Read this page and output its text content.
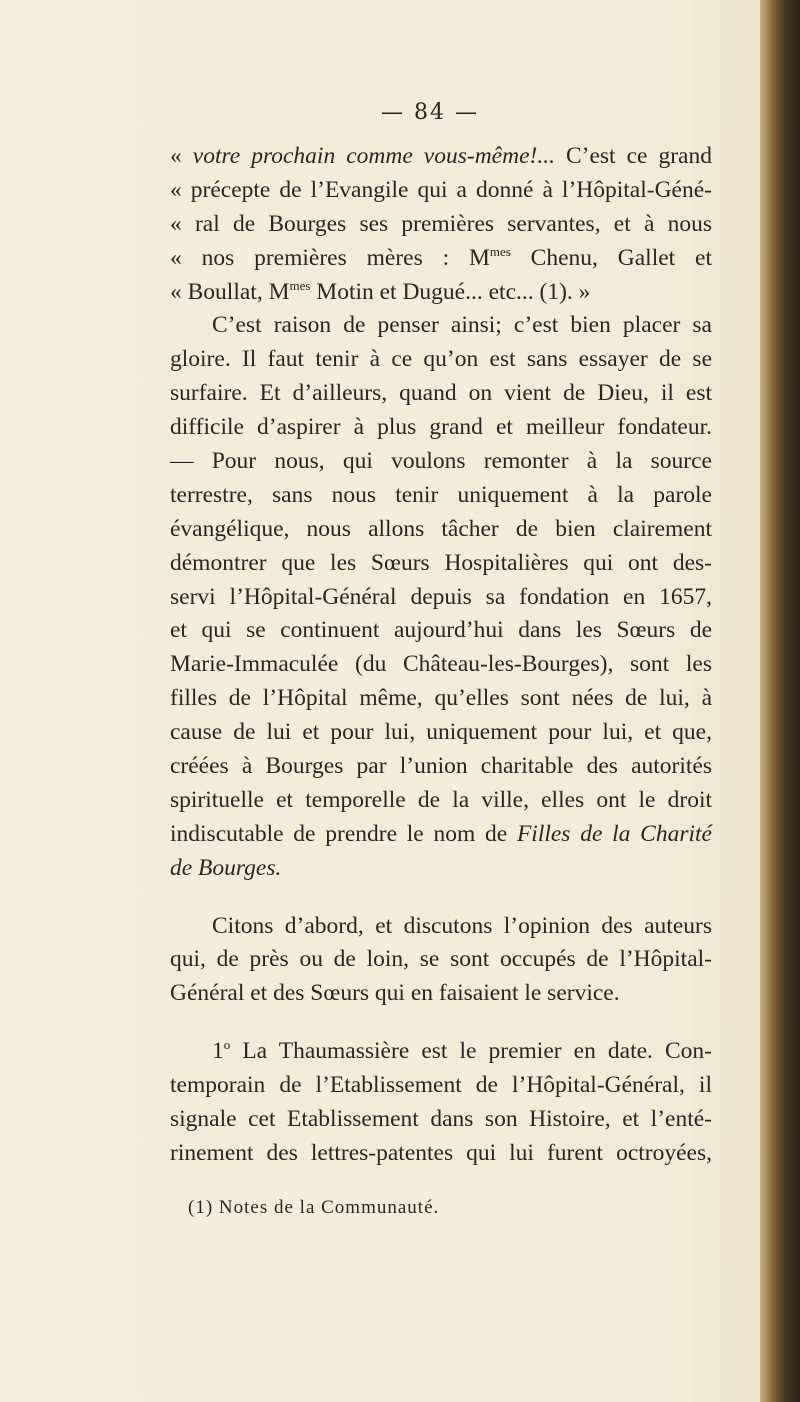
— 84 —
« votre prochain comme vous-même!... C’est ce grand
« précepte de l’Evangile qui a donné à l’Hôpital-Géné-
« ral de Bourges ses premières servantes, et à nous
« nos premières mères : $M^{mes}$ Chenu, Gallet et
« Boullat, $M^{mes}$ Motin et Dugué... etc... (1). »
C’est raison de penser ainsi; c’est bien placer sa
gloire. Il faut tenir à ce qu’on est sans essayer de se
surfaire. Et d’ailleurs, quand on vient de Dieu, il est
difficile d’aspirer à plus grand et meilleur fondateur.
— Pour nous, qui voulons remonter à la source
terrestre, sans nous tenir uniquement à la parole
évangélique, nous allons tâcher de bien clairement
démontrer que les Sœurs Hospitalières qui ont des-
servi l’Hôpital-Général depuis sa fondation en 1657,
et qui se continuent aujourd’hui dans les Sœurs de
Marie-Immaculée (du Château-les-Bourges), sont les
filles de l’Hôpital même, qu’elles sont nées de lui, à
cause de lui et pour lui, uniquement pour lui, et que,
créées à Bourges par l’union charitable des autorités
spirituelle et temporelle de la ville, elles ont le droit
indiscutable de prendre le nom de Filles de la Charité
de Bourges.
Citons d’abord, et discutons l’opinion des auteurs
qui, de près ou de loin, se sont occupés de l’Hôpital-
Général et des Sœurs qui en faisaient le service.
1$^o$ La Thaumassière est le premier en date. Con-
temporain de l’Etablissement de l’Hôpital-Général, il
signale cet Etablissement dans son Histoire, et l’enté-
rinement des lettres-patentes qui lui furent octroyées,
(1) Notes de la Communauté.
